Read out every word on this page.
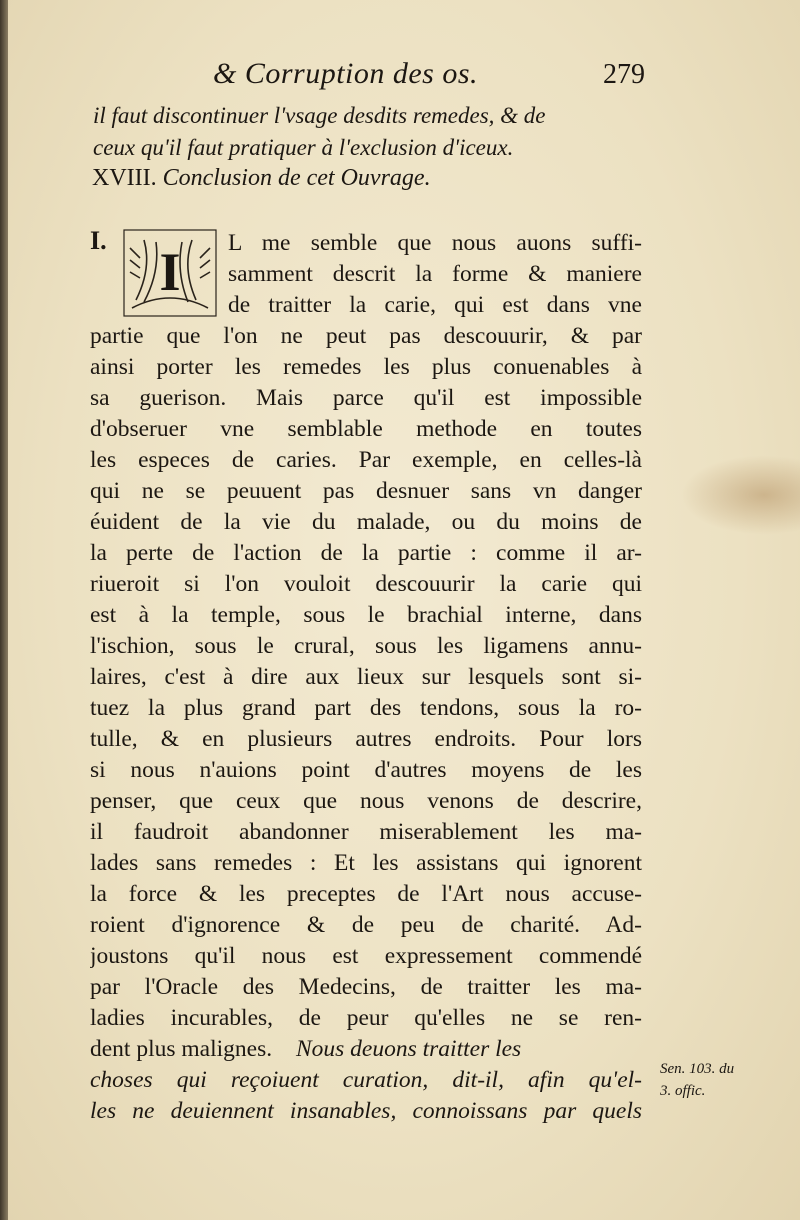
& Corruption des os.	279
il faut discontinuer l'vsage desdits remedes, & de
ceux qu'il faut pratiquer à l'exclusion d'iceux.
XVIII. Conclusion de cet Ouvrage.
I.
I L me semble que nous auons suffi-
samment descrit la forme & maniere
de traitter la carie, qui est dans vne
partie que l'on ne peut pas descouurir, & par
ainsi porter les remedes les plus conuenables à
sa guerison. Mais parce qu'il est impossible
d'obseruer vne semblable methode en toutes
les especes de caries. Par exemple, en celles-là
qui ne se peuuent pas desnuer sans vn danger
éuident de la vie du malade, ou du moins de
la perte de l'action de la partie : comme il ar-
riueroit si l'on vouloit descouurir la carie qui
est à la temple, sous le brachial interne, dans
l'ischion, sous le crural, sous les ligamens annu-
laires, c'est à dire aux lieux sur lesquels sont si-
tuez la plus grand part des tendons, sous la ro-
tulle, & en plusieurs autres endroits. Pour lors
si nous n'auions point d'autres moyens de les
penser, que ceux que nous venons de descrire,
il faudroit abandonner miserablement les ma-
lades sans remedes : Et les assistans qui ignorent
la force & les preceptes de l'Art nous accuse-
roient d'ignorence & de peu de charité. Ad-
joustons qu'il nous est expressement commendé
par l'Oracle des Medecins, de traitter les ma-
ladies incurables, de peur qu'elles ne se ren-
dent plus malignes. Nous deuons traitter les
choses qui reçoiuent curation, dit-il, afin qu'el-
les ne deuiennent insanables, connoissans par quels
Sen. 103. du
3. offic.
